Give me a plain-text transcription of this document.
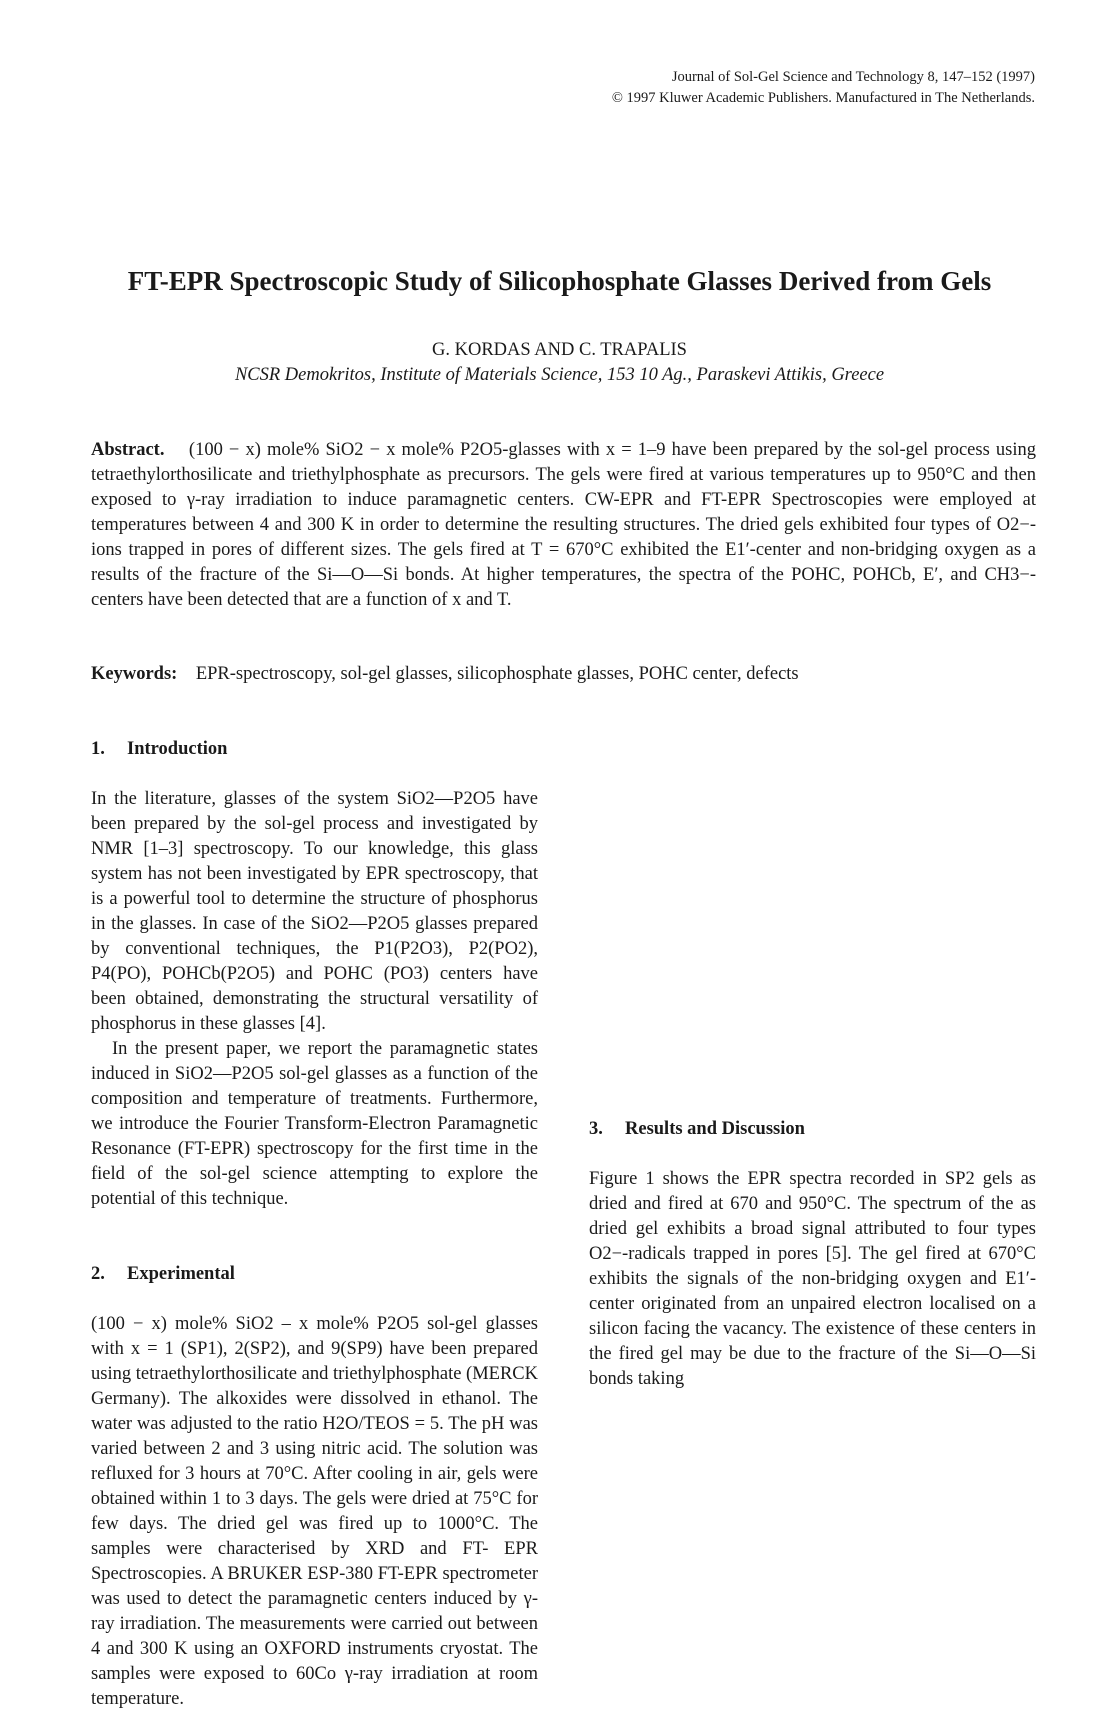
Journal of Sol-Gel Science and Technology 8, 147–152 (1997)
© 1997 Kluwer Academic Publishers. Manufactured in The Netherlands.
FT-EPR Spectroscopic Study of Silicophosphate Glasses Derived from Gels
G. KORDAS AND C. TRAPALIS
NCSR Demokritos, Institute of Materials Science, 153 10 Ag., Paraskevi Attikis, Greece

Abstract. (100 − x) mole% SiO2 − x mole% P2O5-glasses with x = 1–9 have been prepared by the sol-gel process using tetraethylorthosilicate and triethylphosphate as precursors. The gels were fired at various temperatures up to 950°C and then exposed to γ-ray irradiation to induce paramagnetic centers. CW-EPR and FT-EPR Spectroscopies were employed at temperatures between 4 and 300 K in order to determine the resulting structures. The dried gels exhibited four types of O2−-ions trapped in pores of different sizes. The gels fired at T = 670°C exhibited the E1′-center and non-bridging oxygen as a results of the fracture of the Si—O—Si bonds. At higher temperatures, the spectra of the POHC, POHCb, E′, and CH3−-centers have been detected that are a function of x and T.

Keywords: EPR-spectroscopy, sol-gel glasses, silicophosphate glasses, POHC center, defects
1. Introduction

In the literature, glasses of the system SiO2—P2O5 have been prepared by the sol-gel process and investigated by NMR [1–3] spectroscopy. To our knowledge, this glass system has not been investigated by EPR spectroscopy, that is a powerful tool to determine the structure of phosphorus in the glasses. In case of the SiO2—P2O5 glasses prepared by conventional techniques, the P1(P2O3), P2(PO2), P4(PO), POHCb(P2O5) and POHC (PO3) centers have been obtained, demonstrating the structural versatility of phosphorus in these glasses [4].

In the present paper, we report the paramagnetic states induced in SiO2—P2O5 sol-gel glasses as a function of the composition and temperature of treatments. Furthermore, we introduce the Fourier Transform-Electron Paramagnetic Resonance (FT-EPR) spectroscopy for the first time in the field of the sol-gel science attempting to explore the potential of this technique.

2. Experimental

(100 − x) mole% SiO2 – x mole% P2O5 sol-gel glasses with x = 1 (SP1), 2(SP2), and 9(SP9) have been prepared using tetraethylorthosilicate and triethylphosphate (MERCK Germany). The alkoxides were dissolved in ethanol. The water was adjusted to the ratio H2O/TEOS = 5. The pH was varied between 2 and 3 using nitric acid. The solution was refluxed for 3 hours at 70°C. After cooling in air, gels were obtained within 1 to 3 days. The gels were dried at 75°C for few days. The dried gel was fired up to 1000°C. The samples were characterised by XRD and FT- EPR Spectroscopies. A BRUKER ESP-380 FT-EPR spectrometer was used to detect the paramagnetic centers induced by γ-ray irradiation. The measurements were carried out between 4 and 300 K using an OXFORD instruments cryostat. The samples were exposed to 60Co γ-ray irradiation at room temperature.

3. Results and Discussion

Figure 1 shows the EPR spectra recorded in SP2 gels as dried and fired at 670 and 950°C. The spectrum of the as dried gel exhibits a broad signal attributed to four types O2−-radicals trapped in pores [5]. The gel fired at 670°C exhibits the signals of the non-bridging oxygen and E1′-center originated from an unpaired electron localised on a silicon facing the vacancy. The existence of these centers in the fired gel may be due to the fracture of the Si—O—Si bonds taking
